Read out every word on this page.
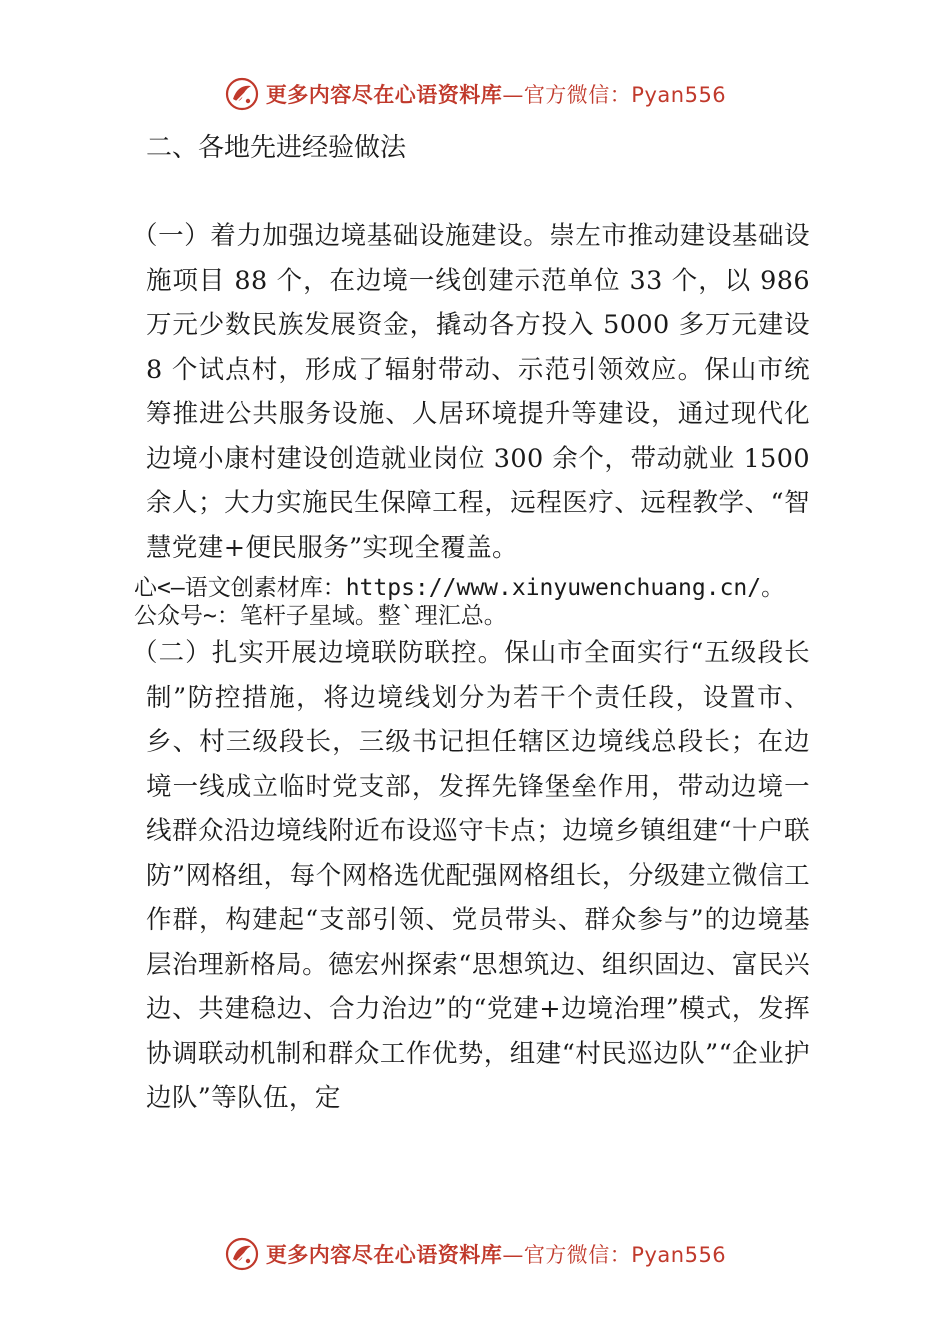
更多内容尽在心语资料库—官方微信：Pyan556
二、各地先进经验做法
（一）着力加强边境基础设施建设。崇左市推动建设基础设施项目 88 个，在边境一线创建示范单位 33 个，以 986 万元少数民族发展资金，撬动各方投入 5000 多万元建设 8 个试点村，形成了辐射带动、示范引领效应。保山市统筹推进公共服务设施、人居环境提升等建设，通过现代化边境小康村建设创造就业岗位 300 余个，带动就业 1500 余人；大力实施民生保障工程，远程医疗、远程教学、“智慧党建+便民服务”实现全覆盖。
心<—语文创素材库：https://www.xinyuwenchuang.cn/。
公众号~：笔杆子星域。整`理汇总。
（二）扎实开展边境联防联控。保山市全面实行“五级段长制”防控措施，将边境线划分为若干个责任段，设置市、乡、村三级段长，三级书记担任辖区边境线总段长；在边境一线成立临时党支部，发挥先锋堡垒作用，带动边境一线群众沿边境线附近布设巡守卡点；边境乡镇组建“十户联防”网格组，每个网格选优配强网格组长，分级建立微信工作群，构建起“支部引领、党员带头、群众参与”的边境基层治理新格局。德宏州探索“思想筑边、组织固边、富民兴边、共建稳边、合力治边”的“党建+边境治理”模式，发挥协调联动机制和群众工作优势，组建“村民巡边队”“企业护边队”等队伍，定
更多内容尽在心语资料库—官方微信：Pyan556
